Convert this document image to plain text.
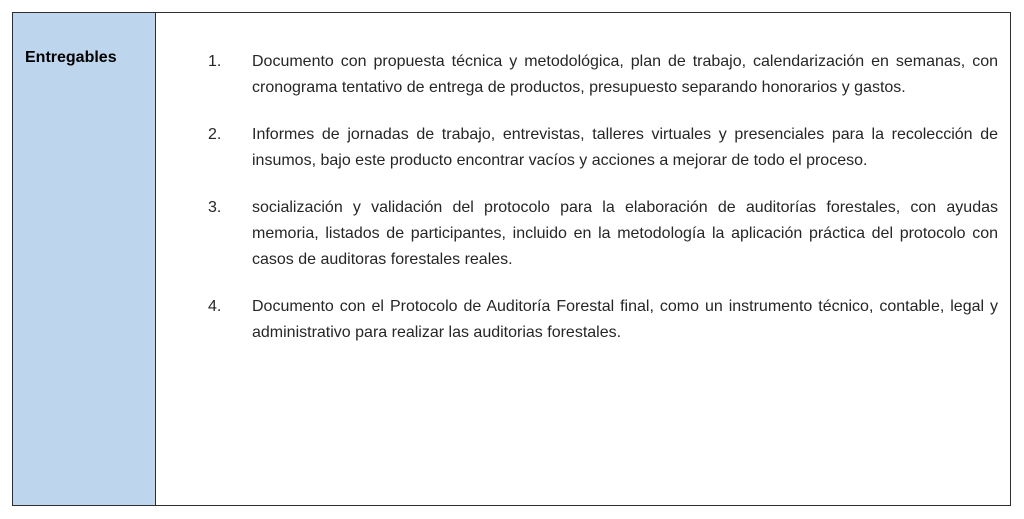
Entregables	1.	Documento con propuesta técnica y metodológica, plan de trabajo, calendarización en semanas, con cronograma tentativo de entrega de productos, presupuesto separando honorarios y gastos.
2.	Informes de jornadas de trabajo, entrevistas, talleres virtuales y presenciales para la recolección de insumos, bajo este producto encontrar vacíos y acciones a mejorar de todo el proceso.
3.	socialización y validación del protocolo para la elaboración de auditorías forestales, con ayudas memoria, listados de participantes, incluido en la metodología la aplicación práctica del protocolo con casos de auditoras forestales reales.
4.	Documento con el Protocolo de Auditoría Forestal final, como un instrumento técnico, contable, legal y administrativo para realizar las auditorias forestales.
